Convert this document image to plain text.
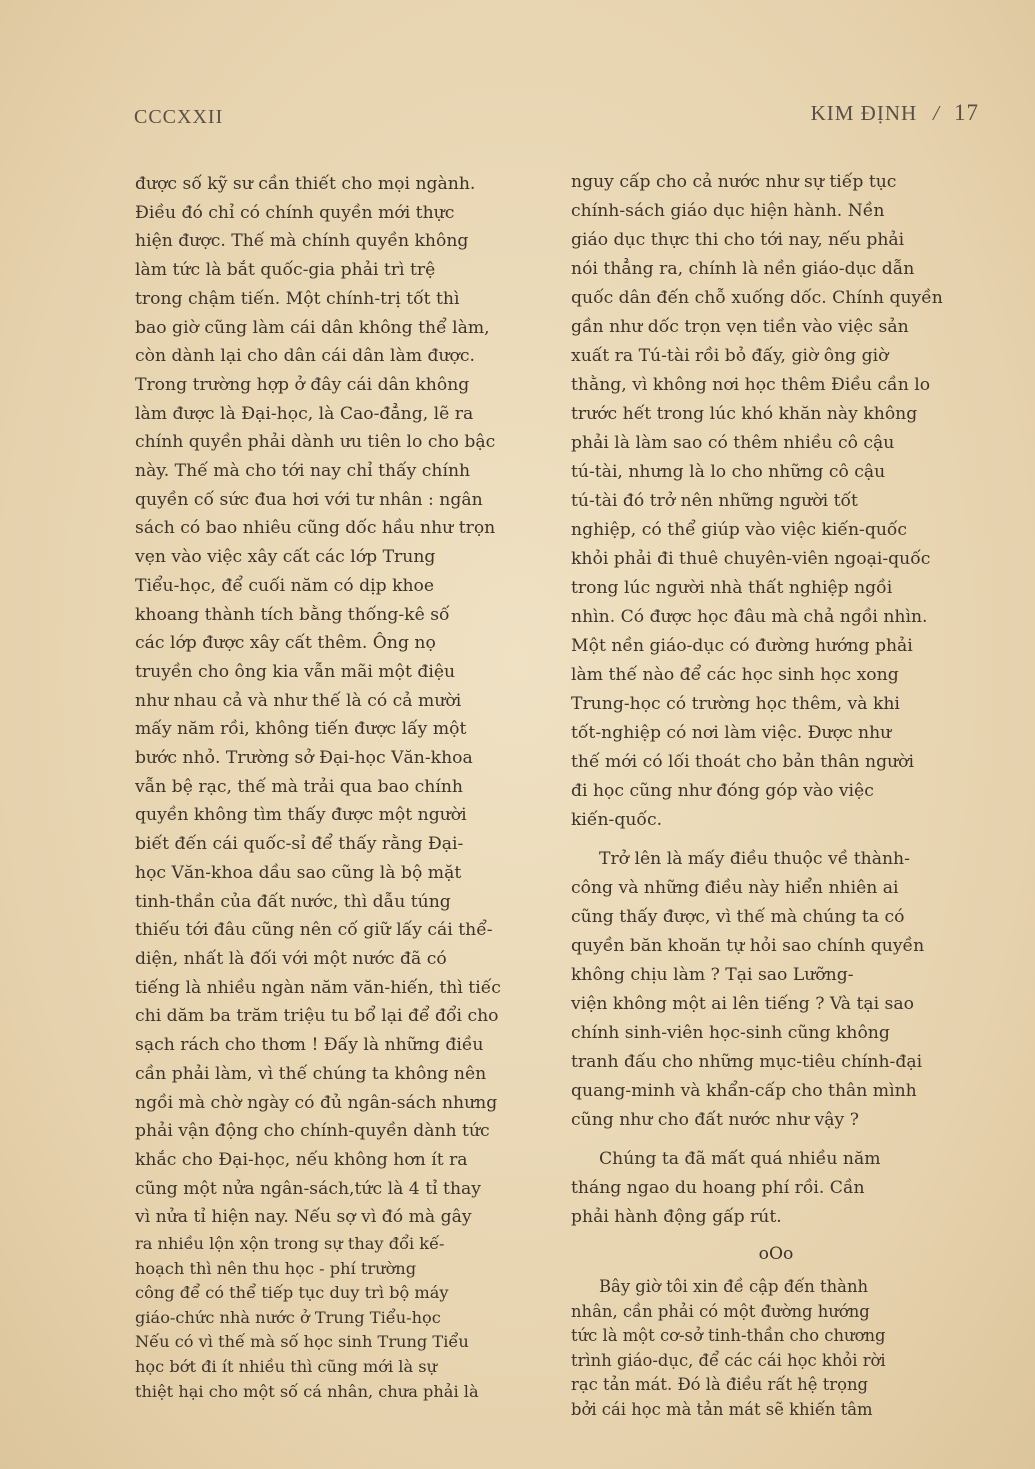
CCCXXII	KIM ĐỊNH / 17
được số kỹ sư cần thiết cho mọi ngành.
Điều đó chỉ có chính quyền mới thực
hiện được. Thế mà chính quyền không
làm tức là bắt quốc-gia phải trì trệ
trong chậm tiến. Một chính-trị tốt thì
bao giờ cũng làm cái dân không thể làm,
còn dành lại cho dân cái dân làm được.
Trong trường hợp ở đây cái dân không
làm được là Đại-học, là Cao-đẳng, lẽ ra
chính quyền phải dành ưu tiên lo cho bậc
này. Thế mà cho tới nay chỉ thấy chính
quyền cố sức đua hơi với tư nhân : ngân
sách có bao nhiêu cũng dốc hầu như trọn
vẹn vào việc xây cất các lớp Trung
Tiểu-học, để cuối năm có dịp khoe
khoang thành tích bằng thống-kê số
các lớp được xây cất thêm. Ông nọ
truyền cho ông kia vẫn mãi một điệu
như nhau cả và như thế là có cả mười
mấy năm rồi, không tiến được lấy một
bước nhỏ. Trường sở Đại-học Văn-khoa
vẫn bệ rạc, thế mà trải qua bao chính
quyền không tìm thấy được một người
biết đến cái quốc-sỉ để thấy rằng Đại-
học Văn-khoa dầu sao cũng là bộ mặt
tinh-thần của đất nước, thì dẫu túng
thiếu tới đâu cũng nên cố giữ lấy cái thể-
diện, nhất là đối với một nước đã có
tiếng là nhiều ngàn năm văn-hiến, thì tiếc
chi dăm ba trăm triệu tu bổ lại để đổi cho
sạch rách cho thơm ! Đấy là những điều
cần phải làm, vì thế chúng ta không nên
ngồi mà chờ ngày có đủ ngân-sách nhưng
phải vận động cho chính-quyền dành tức
khắc cho Đại-học, nếu không hơn ít ra
cũng một nửa ngân-sách,tức là 4 tỉ thay
vì nửa tỉ hiện nay. Nếu sợ vì đó mà gây
ra nhiều lộn xộn trong sự thay đổi kế-
hoạch thì nên thu học - phí trường
công để có thể tiếp tục duy trì bộ máy
giáo-chức nhà nước ở Trung Tiểu-học
Nếu có vì thế mà số học sinh Trung Tiểu
học bớt đi ít nhiều thì cũng mới là sự
thiệt hại cho một số cá nhân, chưa phải là
nguy cấp cho cả nước như sự tiếp tục
chính-sách giáo dục hiện hành. Nền
giáo dục thực thi cho tới nay, nếu phải
nói thẳng ra, chính là nền giáo-dục dẫn
quốc dân đến chỗ xuống dốc. Chính quyền
gần như dốc trọn vẹn tiền vào việc sản
xuất ra Tú-tài rồi bỏ đấy, giờ ông giờ
thằng, vì không nơi học thêm Điều cần lo
trước hết trong lúc khó khăn này không
phải là làm sao có thêm nhiều cô cậu
tú-tài, nhưng là lo cho những cô cậu
tú-tài đó trở nên những người tốt
nghiệp, có thể giúp vào việc kiến-quốc
khỏi phải đi thuê chuyên-viên ngoại-quốc
trong lúc người nhà thất nghiệp ngồi
nhìn. Có được học đâu mà chả ngồi nhìn.
Một nền giáo-dục có đường hướng phải
làm thế nào để các học sinh học xong
Trung-học có trường học thêm, và khi
tốt-nghiệp có nơi làm việc. Được như
thế mới có lối thoát cho bản thân người
đi học cũng như đóng góp vào việc
kiến-quốc.
Trở lên là mấy điều thuộc về thành-
công và những điều này hiển nhiên ai
cũng thấy được, vì thế mà chúng ta có
quyền băn khoăn tự hỏi sao chính quyền
không chịu làm ? Tại sao Lưỡng-
viện không một ai lên tiếng ? Và tại sao
chính sinh-viên học-sinh cũng không
tranh đấu cho những mục-tiêu chính-đại
quang-minh và khẩn-cấp cho thân mình
cũng như cho đất nước như vậy ?
Chúng ta đã mất quá nhiều năm
tháng ngao du hoang phí rồi. Cần
phải hành động gấp rút.
oOo
Bây giờ tôi xin đề cập đến thành
nhân, cần phải có một đường hướng
tức là một cơ-sở tinh-thần cho chương
trình giáo-dục, để các cái học khỏi rời
rạc tản mát. Đó là điều rất hệ trọng
bởi cái học mà tản mát sẽ khiến tâm
